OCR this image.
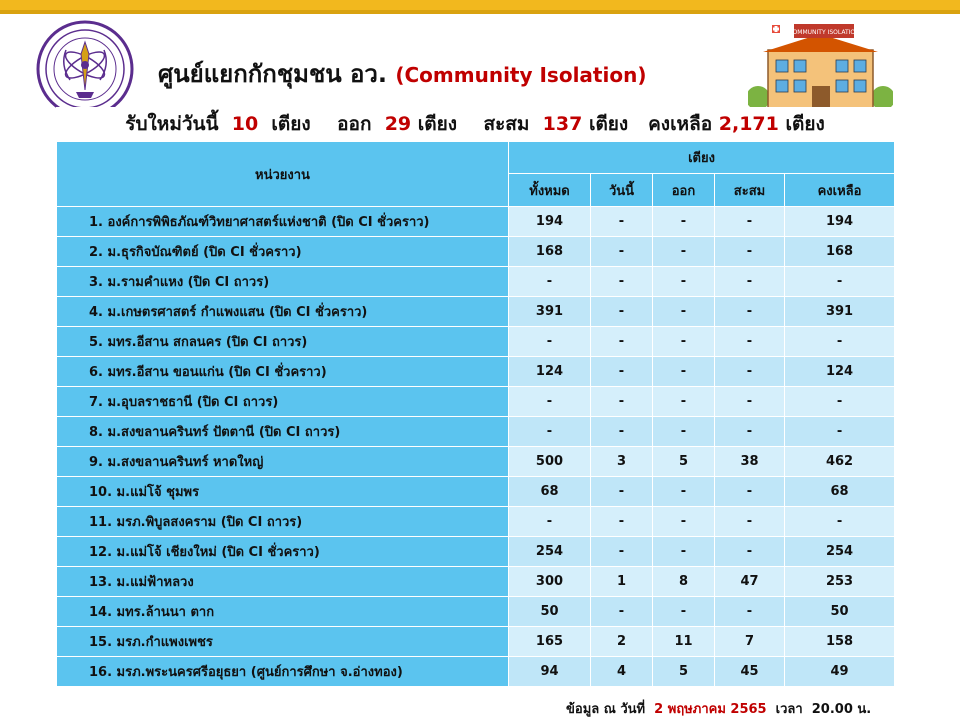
ศูนย์แยกกักชุมชน อว. (Community Isolation)
COMMUNITY ISOLATION
รับใหม่วันนี้ 10 เตียง ออก 29 เตียง สะสม 137 เตียง คงเหลือ 2,171 เตียง
หน่วยงาน	เตียง				
	ทั้งหมด	วันนี้	ออก	สะสม	คงเหลือ
1. องค์การพิพิธภัณฑ์วิทยาศาสตร์แห่งชาติ (ปิด CI ชั่วคราว)	194	-	-	-	194
2. ม.ธุรกิจบัณฑิตย์ (ปิด CI ชั่วคราว)	168	-	-	-	168
3. ม.รามคำแหง (ปิด CI ถาวร)	-	-	-	-	-
4. ม.เกษตรศาสตร์ กำแพงแสน (ปิด CI ชั่วคราว)	391	-	-	-	391
5. มทร.อีสาน สกลนคร (ปิด CI ถาวร)	-	-	-	-	-
6. มทร.อีสาน ขอนแก่น (ปิด CI ชั่วคราว)	124	-	-	-	124
7. ม.อุบลราชธานี (ปิด CI ถาวร)	-	-	-	-	-
8. ม.สงขลานครินทร์ ปัตตานี (ปิด CI ถาวร)	-	-	-	-	-
9. ม.สงขลานครินทร์ หาดใหญ่	500	3	5	38	462
10. ม.แม่โจ้ ชุมพร	68	-	-	-	68
11. มรภ.พิบูลสงคราม (ปิด CI ถาวร)	-	-	-	-	-
12. ม.แม่โจ้ เชียงใหม่ (ปิด CI ชั่วคราว)	254	-	-	-	254
13. ม.แม่ฟ้าหลวง	300	1	8	47	253
14. มทร.ล้านนา ตาก	50	-	-	-	50
15. มรภ.กำแพงเพชร	165	2	11	7	158
16. มรภ.พระนครศรีอยุธยา (ศูนย์การศึกษา จ.อ่างทอง)	94	4	5	45	49
ข้อมูล ณ วันที่ 2 พฤษภาคม 2565 เวลา 20.00 น.
